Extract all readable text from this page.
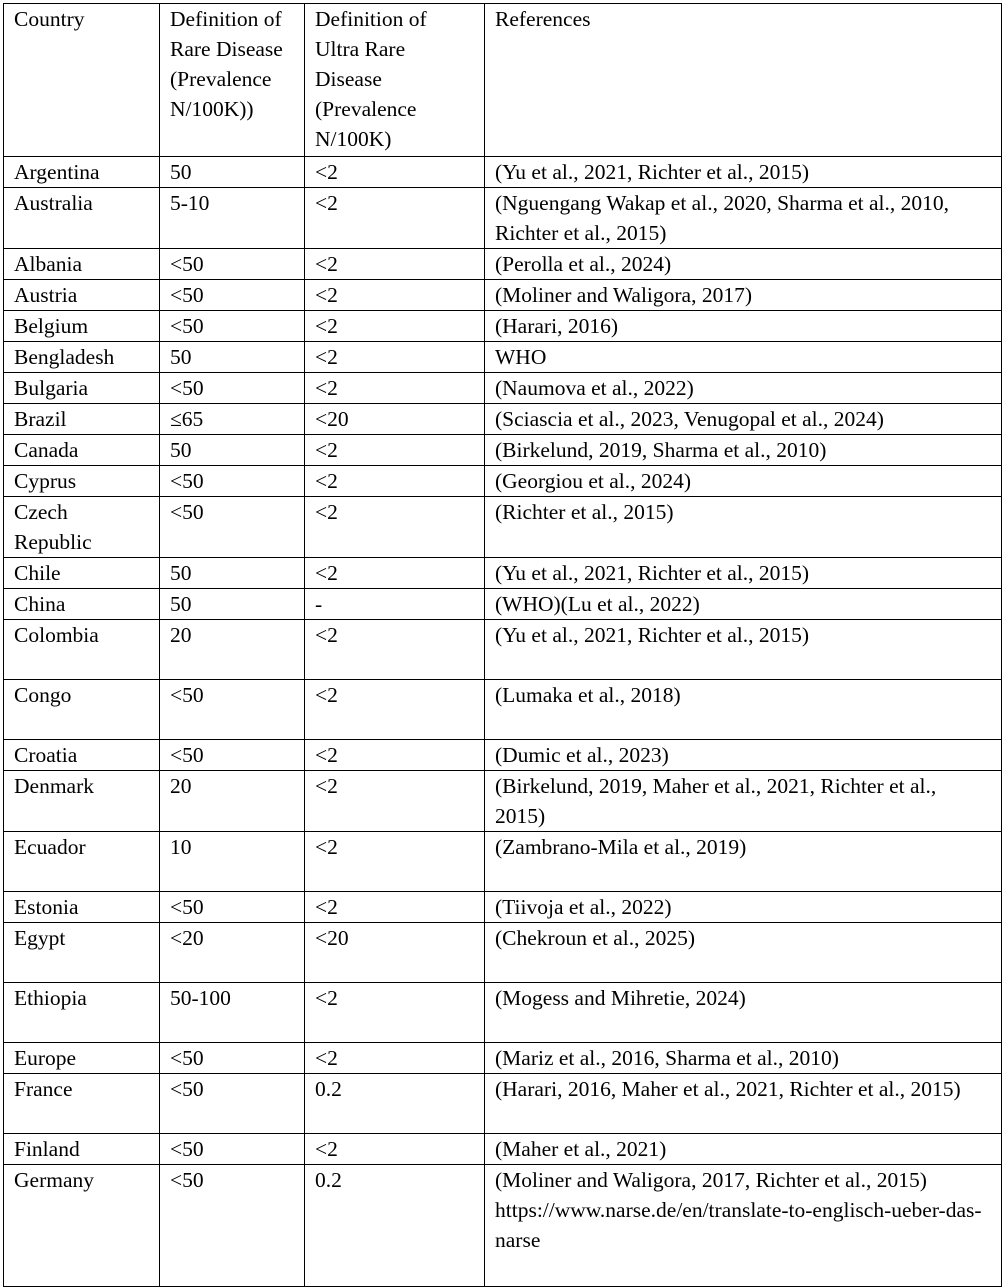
Country	Definition of Rare Disease (Prevalence N/100K))	Definition of Ultra Rare Disease (Prevalence N/100K)	References
Argentina	50	<2	(Yu et al., 2021, Richter et al., 2015)
Australia	5-10	<2	(Nguengang Wakap et al., 2020, Sharma et al., 2010, Richter et al., 2015)
Albania	<50	<2	(Perolla et al., 2024)
Austria	<50	<2	(Moliner and Waligora, 2017)
Belgium	<50	<2	(Harari, 2016)
Bengladesh	50	<2	WHO
Bulgaria	<50	<2	(Naumova et al., 2022)
Brazil	≤65	<20	(Sciascia et al., 2023, Venugopal et al., 2024)
Canada	50	<2	(Birkelund, 2019, Sharma et al., 2010)
Cyprus	<50	<2	(Georgiou et al., 2024)
Czech Republic	<50	<2	(Richter et al., 2015)
Chile	50	<2	(Yu et al., 2021, Richter et al., 2015)
China	50	-	(WHO)(Lu et al., 2022)
Colombia	20	<2	(Yu et al., 2021, Richter et al., 2015)
Congo	<50	<2	(Lumaka et al., 2018)
Croatia	<50	<2	(Dumic et al., 2023)
Denmark	20	<2	(Birkelund, 2019, Maher et al., 2021, Richter et al., 2015)
Ecuador	10	<2	(Zambrano-Mila et al., 2019)
Estonia	<50	<2	(Tiivoja et al., 2022)
Egypt	<20	<20	(Chekroun et al., 2025)
Ethiopia	50-100	<2	(Mogess and Mihretie, 2024)
Europe	<50	<2	(Mariz et al., 2016, Sharma et al., 2010)
France	<50	0.2	(Harari, 2016, Maher et al., 2021, Richter et al., 2015)
Finland	<50	<2	(Maher et al., 2021)
Germany	<50	0.2	(Moliner and Waligora, 2017, Richter et al., 2015)
https://www.narse.de/en/translate-to-englisch-ueber-das-narse
